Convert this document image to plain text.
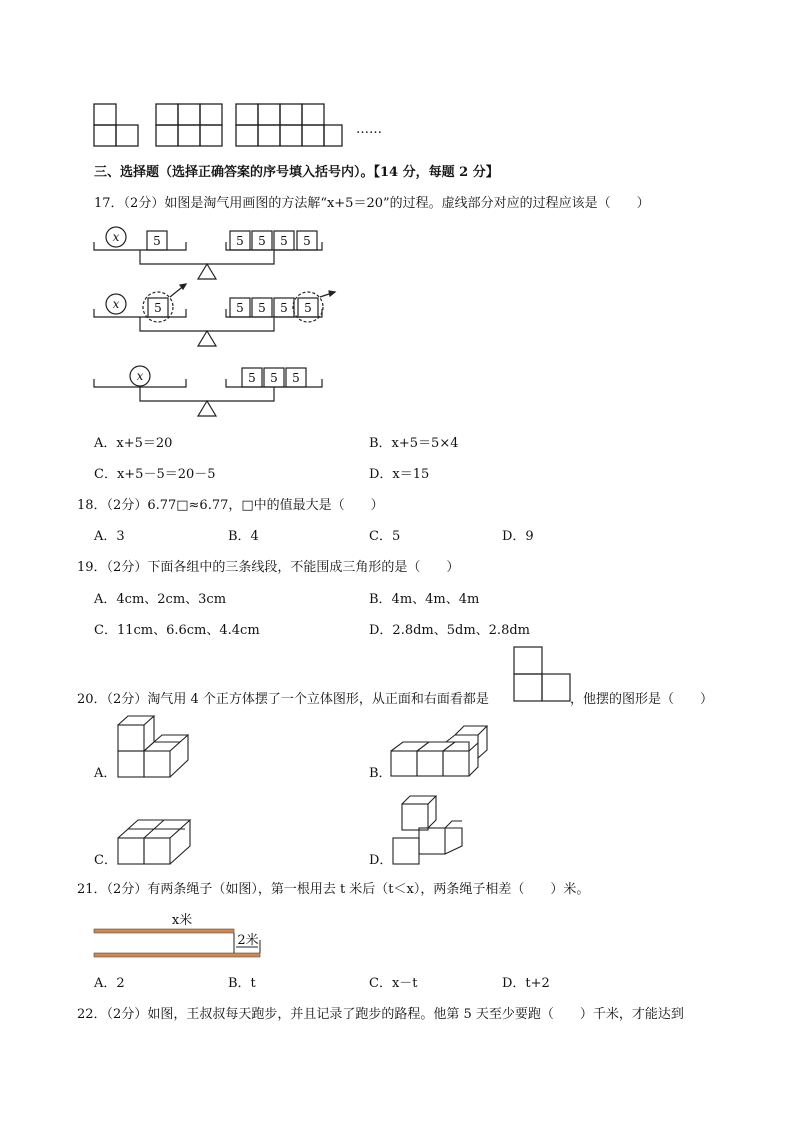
……
三、选择题（选择正确答案的序号填入括号内）。【14 分，每题 2 分】
17．（2分）如图是淘气用画图的方法解“x+5＝20”的过程。虚线部分对应的过程应该是（　　）
x	5	5 5 5 5
x	5	5 5 5 5
x	5 5 5
A．x+5＝20	B．x+5＝5×4
C．x+5－5＝20－5	D．x＝15
18．（2分）6.77□≈6.77，□中的值最大是（　　）
A．3	B．4	C．5	D．9
19．（2分）下面各组中的三条线段，不能围成三角形的是（　　）
A．4cm、2cm、3cm	B．4m、4m、4m
C．11cm、6.6cm、4.4cm	D．2.8dm、5dm、2.8dm
20．（2分）淘气用 4 个正方体摆了一个立体图形，从正面和右面看都是	，他摆的图形是（　　）
A．	B．
C．	D．
21．（2分）有两条绳子（如图），第一根用去 t 米后（t＜x），两条绳子相差（　　）米。
x米
2米
A．2	B．t	C．x－t	D．t+2
22．（2分）如图，王叔叔每天跑步，并且记录了跑步的路程。他第 5 天至少要跑（　　）千米，才能达到
